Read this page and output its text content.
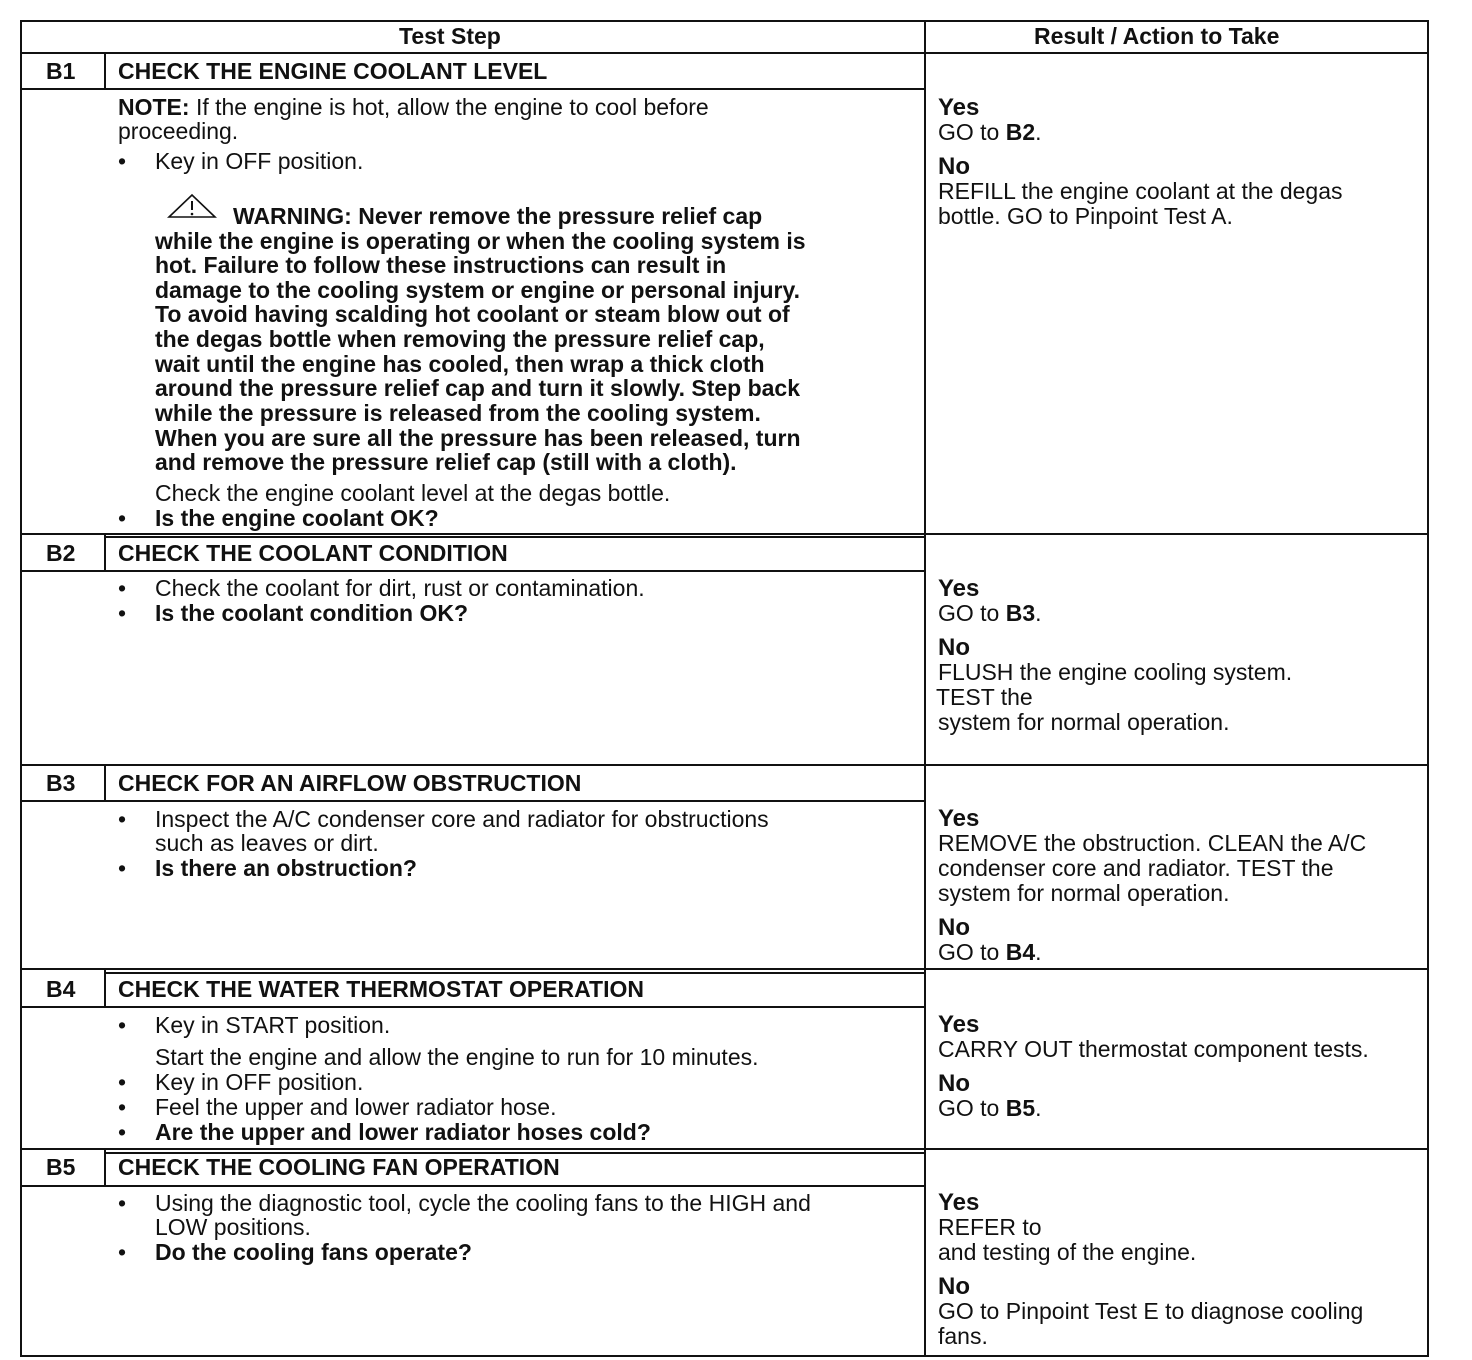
Test Step	Result / Action to Take
B1 CHECK THE ENGINE COOLANT LEVEL
NOTE: If the engine is hot, allow the engine to cool before
proceeding.
• Key in OFF position.
WARNING: Never remove the pressure relief cap
while the engine is operating or when the cooling system is
hot. Failure to follow these instructions can result in
damage to the cooling system or engine or personal injury.
To avoid having scalding hot coolant or steam blow out of
the degas bottle when removing the pressure relief cap,
wait until the engine has cooled, then wrap a thick cloth
around the pressure relief cap and turn it slowly. Step back
while the pressure is released from the cooling system.
When you are sure all the pressure has been released, turn
and remove the pressure relief cap (still with a cloth).
Check the engine coolant level at the degas bottle.
• Is the engine coolant OK?
Yes
GO to B2.
No
REFILL the engine coolant at the degas
bottle. GO to Pinpoint Test A.
B2 CHECK THE COOLANT CONDITION
• Check the coolant for dirt, rust or contamination.
• Is the coolant condition OK?
Yes
GO to B3.
No
FLUSH the engine cooling system.
TEST the
system for normal operation.
B3 CHECK FOR AN AIRFLOW OBSTRUCTION
• Inspect the A/C condenser core and radiator for obstructions
such as leaves or dirt.
• Is there an obstruction?
Yes
REMOVE the obstruction. CLEAN the A/C
condenser core and radiator. TEST the
system for normal operation.
No
GO to B4.
B4 CHECK THE WATER THERMOSTAT OPERATION
• Key in START position.
Start the engine and allow the engine to run for 10 minutes.
• Key in OFF position.
• Feel the upper and lower radiator hose.
• Are the upper and lower radiator hoses cold?
Yes
CARRY OUT thermostat component tests.
No
GO to B5.
B5 CHECK THE COOLING FAN OPERATION
• Using the diagnostic tool, cycle the cooling fans to the HIGH and
LOW positions.
• Do the cooling fans operate?
Yes
REFER to
and testing of the engine.
No
GO to Pinpoint Test E to diagnose cooling
fans.
